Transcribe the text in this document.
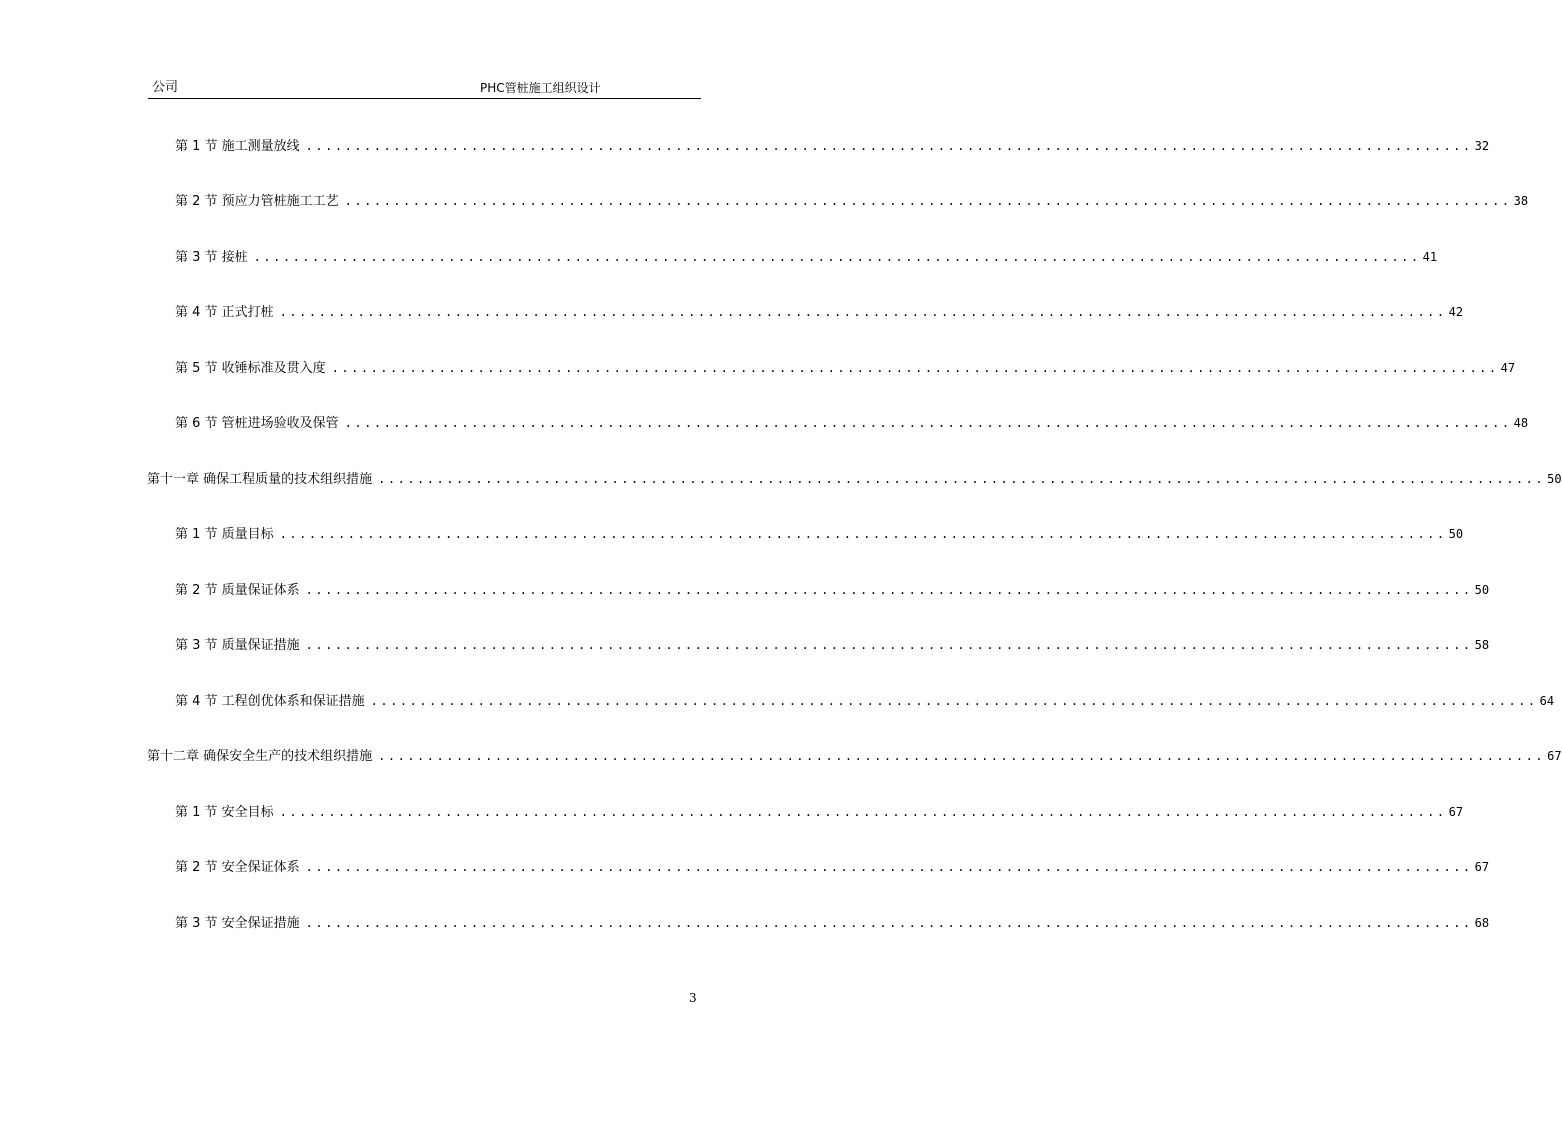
公司	PHC管桩施工组织设计
第 1 节 施工测量放线 ........................................................................................................................ 32
第 2 节 预应力管桩施工工艺 ........................................................................................................................ 38
第 3 节 接桩 ........................................................................................................................ 41
第 4 节 正式打桩 ........................................................................................................................ 42
第 5 节 收锤标准及贯入度 ........................................................................................................................ 47
第 6 节 管桩进场验收及保管 ........................................................................................................................ 48
第十一章 确保工程质量的技术组织措施 ........................................................................................................................ 50
第 1 节 质量目标 ........................................................................................................................ 50
第 2 节 质量保证体系 ........................................................................................................................ 50
第 3 节 质量保证措施 ........................................................................................................................ 58
第 4 节 工程创优体系和保证措施 ........................................................................................................................ 64
第十二章 确保安全生产的技术组织措施 ........................................................................................................................ 67
第 1 节 安全目标 ........................................................................................................................ 67
第 2 节 安全保证体系 ........................................................................................................................ 67
第 3 节 安全保证措施 ........................................................................................................................ 68
3
